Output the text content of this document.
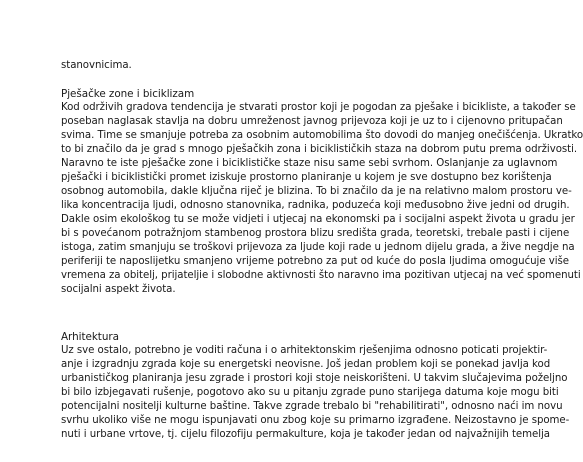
stanovnicima.
Pješačke zone i biciklizam
Kod održivih gradova tendencija je stvarati prostor koji je pogodan za pješake i bicikliste, a također se
poseban naglasak stavlja na dobru umreženost javnog prijevoza koji je uz to i cijenovno pritupačan
svima. Time se smanjuje potreba za osobnim automobilima što dovodi do manjeg onečišćenja. Ukratko
to bi značilo da je grad s mnogo pješačkih zona i biciklističkih staza na dobrom putu prema održivosti.
Naravno te iste pješačke zone i biciklističke staze nisu same sebi svrhom. Oslanjanje za uglavnom
pješački i biciklistički promet iziskuje prostorno planiranje u kojem je sve dostupno bez korištenja
osobnog automobila, dakle ključna riječ je blizina. To bi značilo da je na relativno malom prostoru ve-
lika koncentracija ljudi, odnosno stanovnika, radnika, poduzeća koji međusobno žive jedni od drugih.
Dakle osim ekološkog tu se može vidjeti i utjecaj na ekonomski pa i socijalni aspekt života u gradu jer
bi s povećanom potražnjom stambenog prostora blizu središta grada, teoretski, trebale pasti i cijene
istoga, zatim smanjuju se troškovi prijevoza za ljude koji rade u jednom dijelu grada, a žive negdje na
periferiji te naposlijetku smanjeno vrijeme potrebno za put od kuće do posla ljudima omogućuje više
vremena za obitelj, prijateljie i slobodne aktivnosti što naravno ima pozitivan utjecaj na već spomenuti
socijalni aspekt života.
Arhitektura
Uz sve ostalo, potrebno je voditi računa i o arhitektonskim rješenjima odnosno poticati projektir-
anje i izgradnju zgrada koje su energetski neovisne. Još jedan problem koji se ponekad javlja kod
urbanističkog planiranja jesu zgrade i prostori koji stoje neiskorišteni. U takvim slučajevima poželjno
bi bilo izbjegavati rušenje, pogotovo ako su u pitanju zgrade puno starijega datuma koje mogu biti
potencijalni nositelji kulturne baštine. Takve zgrade trebalo bi "rehabilitirati", odnosno naći im novu
svrhu ukoliko više ne mogu ispunjavati onu zbog koje su primarno izgrađene. Neizostavno je spome-
nuti i urbane vrtove, tj. cijelu filozofiju permakulture, koja je također jedan od najvažnijih temelja
